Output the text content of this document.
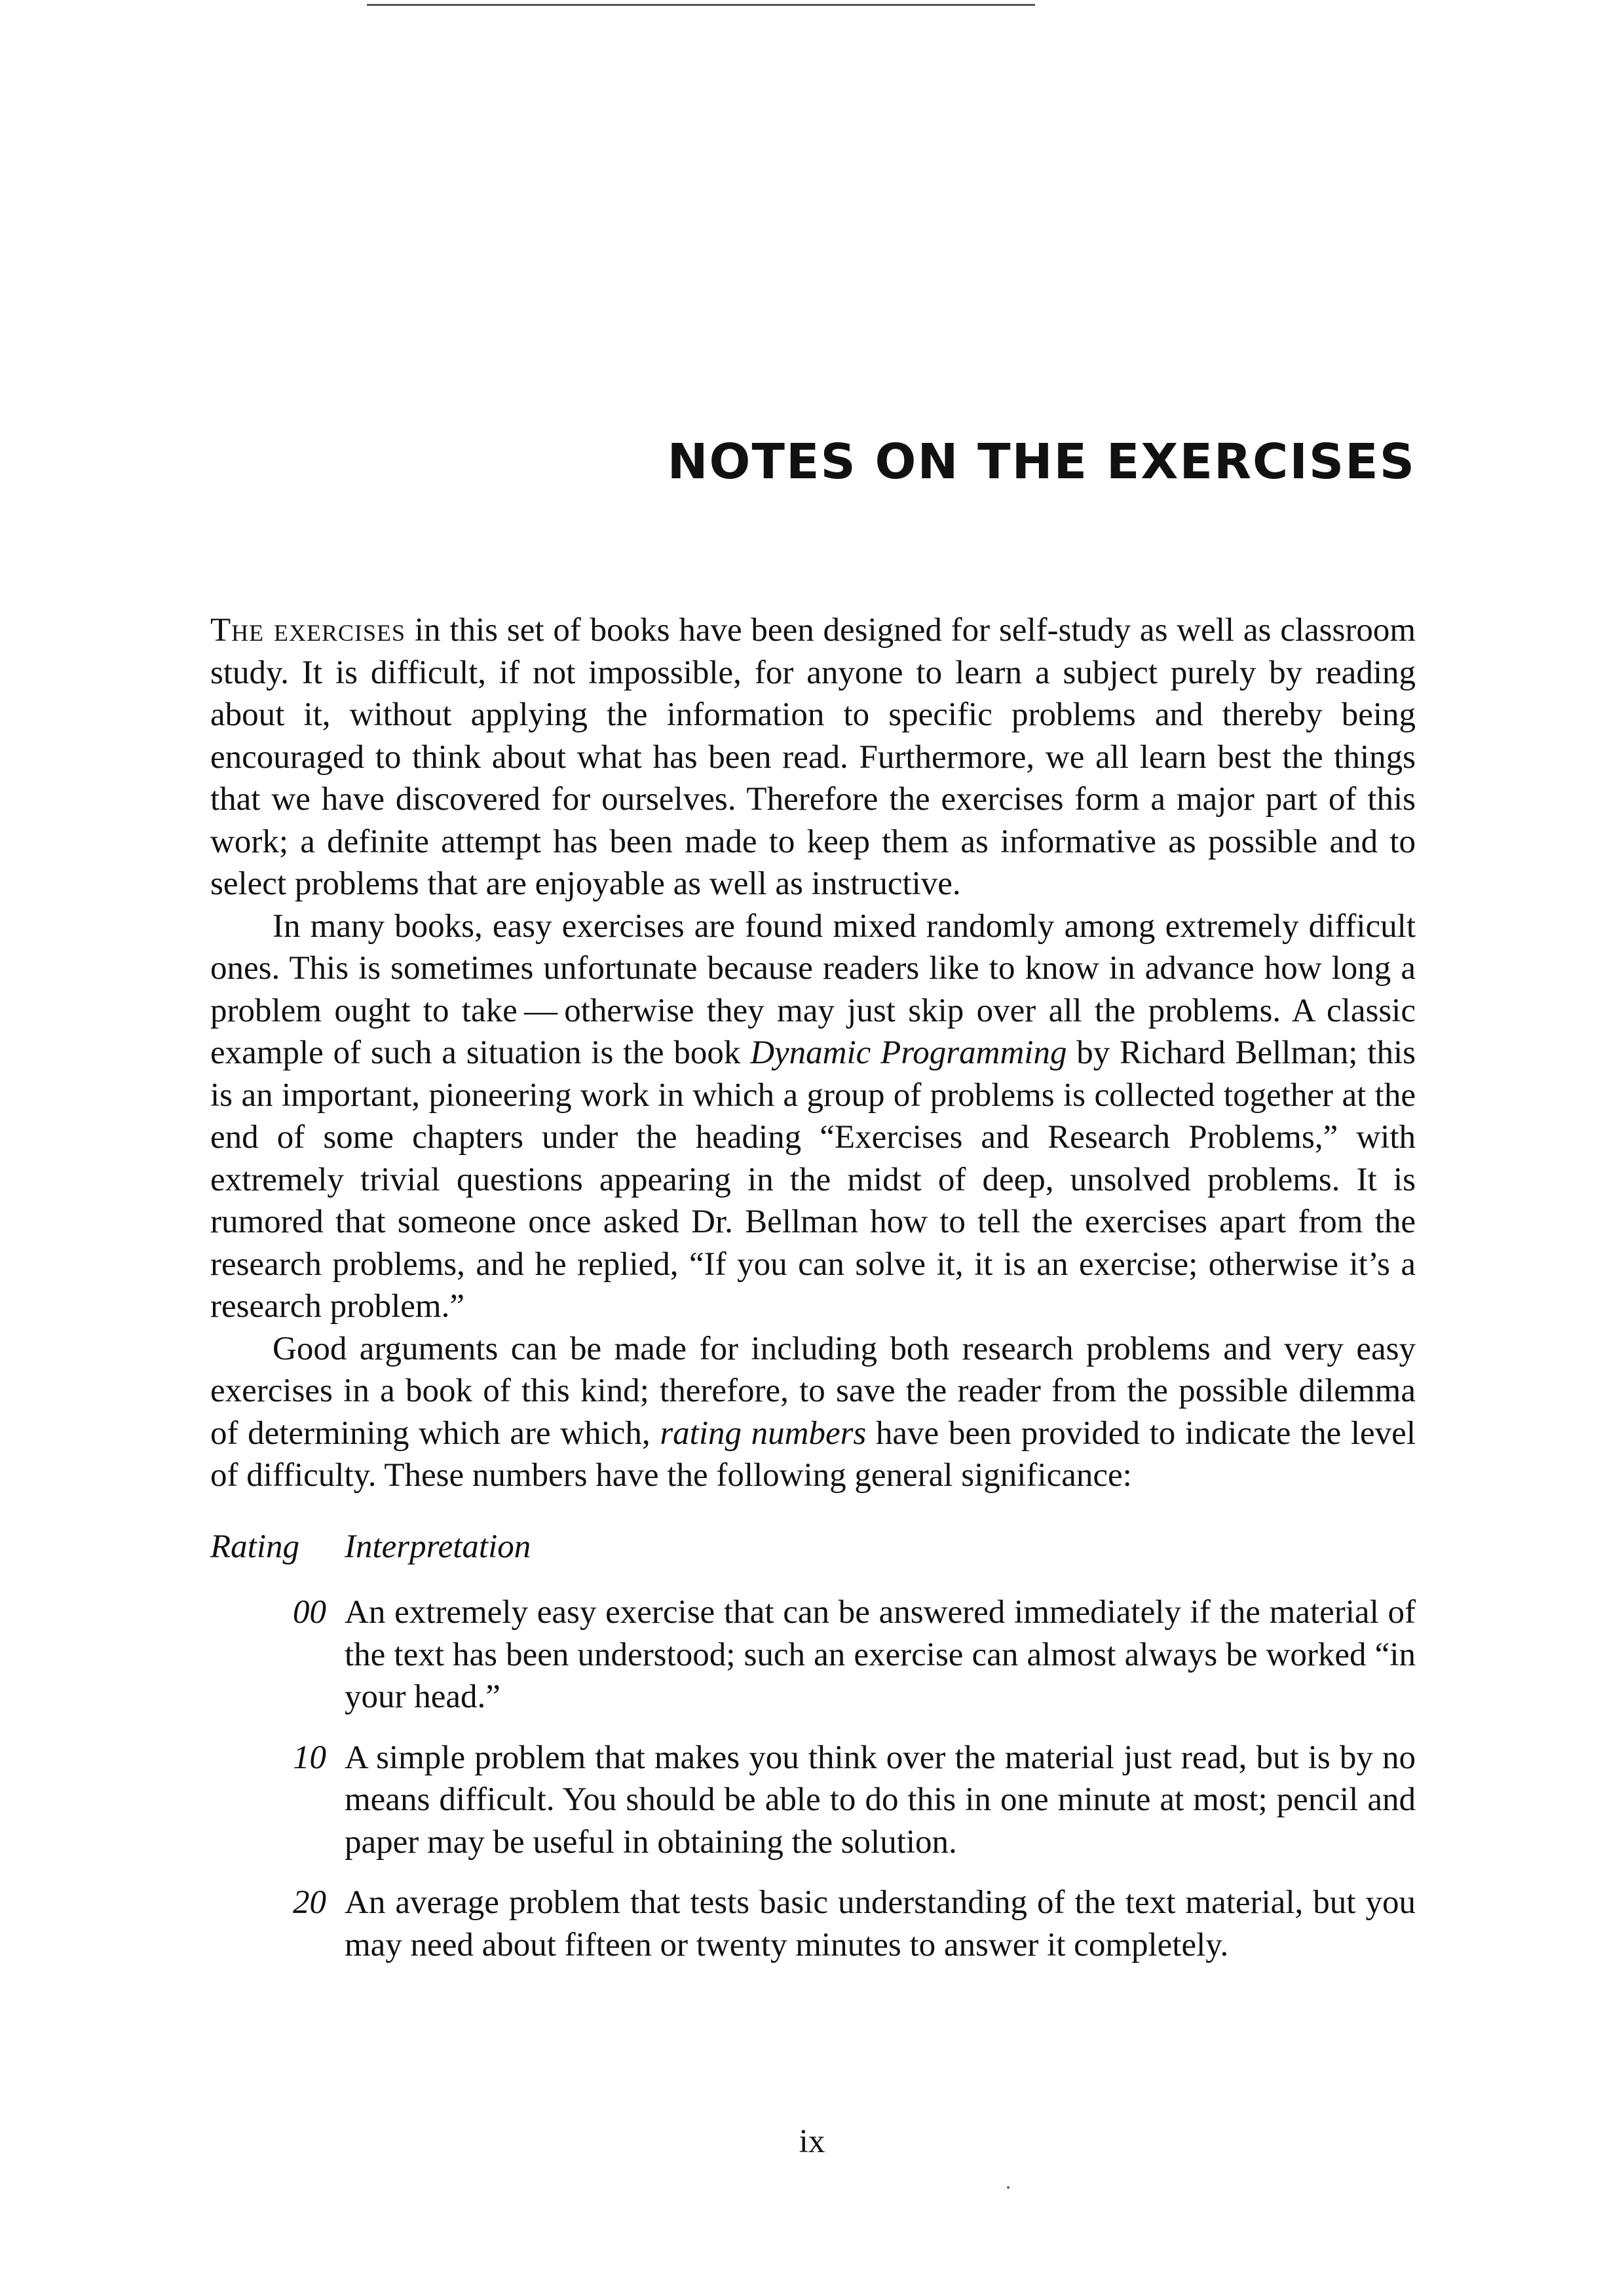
NOTES ON THE EXERCISES

The exercises in this set of books have been designed for self-study as well as classroom study. It is difficult, if not impossible, for anyone to learn a subject purely by reading about it, without applying the information to specific problems and thereby being encouraged to think about what has been read. Furthermore, we all learn best the things that we have discovered for ourselves. Therefore the exercises form a major part of this work; a definite attempt has been made to keep them as informative as possible and to select problems that are enjoyable as well as instructive.

In many books, easy exercises are found mixed randomly among extremely difficult ones. This is sometimes unfortunate because readers like to know in advance how long a problem ought to take — otherwise they may just skip over all the problems. A classic example of such a situation is the book Dynamic Programming by Richard Bellman; this is an important, pioneering work in which a group of problems is collected together at the end of some chapters under the heading “Exercises and Research Problems,” with extremely trivial questions appearing in the midst of deep, unsolved problems. It is rumored that someone once asked Dr. Bellman how to tell the exercises apart from the research problems, and he replied, “If you can solve it, it is an exercise; otherwise it’s a research problem.”

Good arguments can be made for including both research problems and very easy exercises in a book of this kind; therefore, to save the reader from the possible dilemma of determining which are which, rating numbers have been provided to indicate the level of difficulty. These numbers have the following general significance:

Rating	Interpretation
00 An extremely easy exercise that can be answered immediately if the material of the text has been understood; such an exercise can almost always be worked “in your head.”
10 A simple problem that makes you think over the material just read, but is by no means difficult. You should be able to do this in one minute at most; pencil and paper may be useful in obtaining the solution.
20 An average problem that tests basic understanding of the text material, but you may need about fifteen or twenty minutes to answer it completely.
ix
